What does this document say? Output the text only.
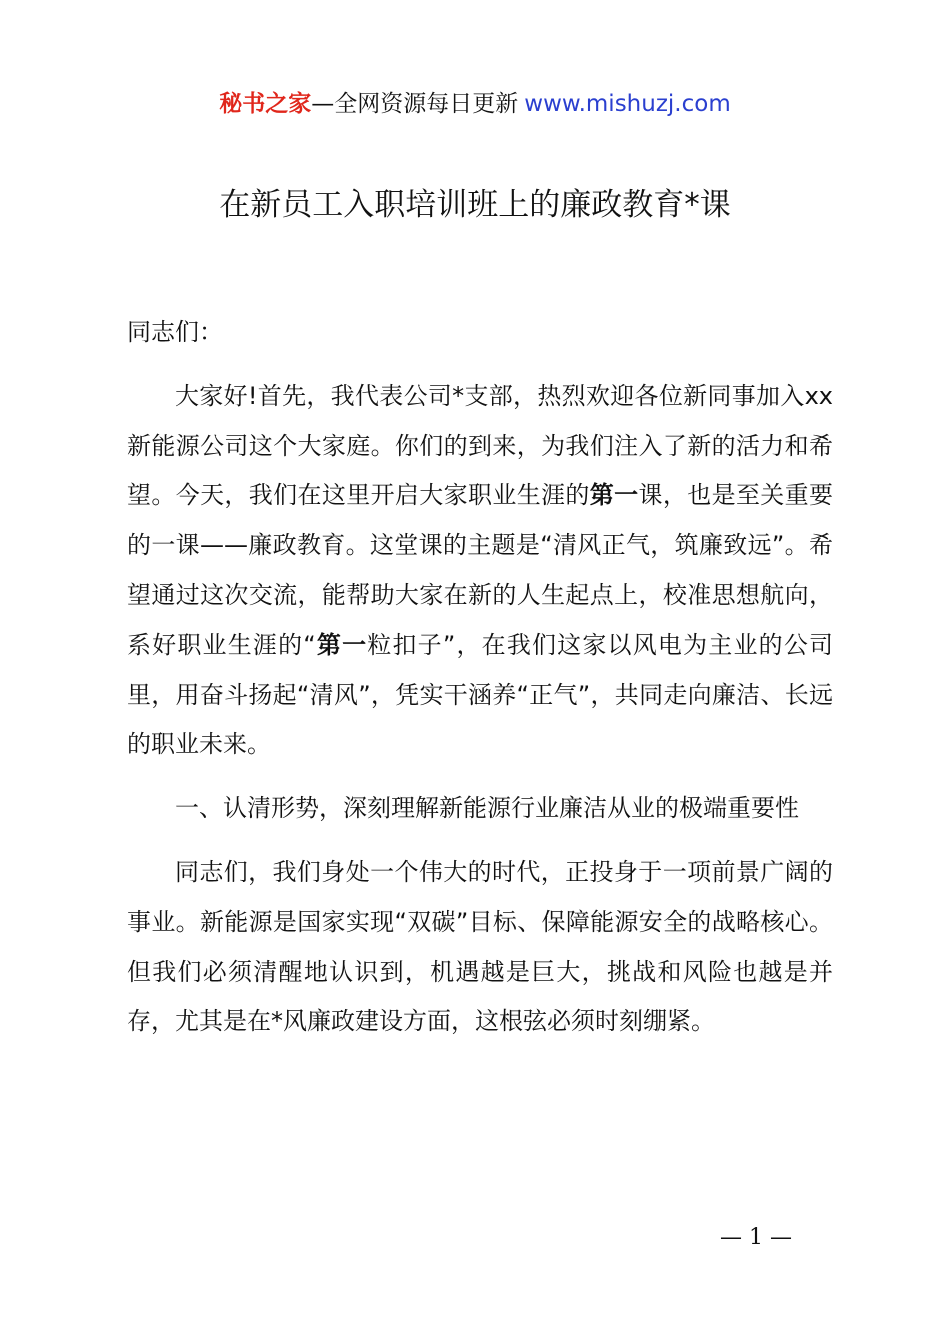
秘书之家—全网资源每日更新 www.mishuzj.com
在新员工入职培训班上的廉政教育*课

同志们：

大家好!首先，我代表公司*支部，热烈欢迎各位新同事加入xx新能源公司这个大家庭。你们的到来，为我们注入了新的活力和希望。今天，我们在这里开启大家职业生涯的第一课，也是至关重要的一课——廉政教育。这堂课的主题是“清风正气，筑廉致远”。希望通过这次交流，能帮助大家在新的人生起点上，校准思想航向，系好职业生涯的“第一粒扣子”，在我们这家以风电为主业的公司里，用奋斗扬起“清风”，凭实干涵养“正气”，共同走向廉洁、长远的职业未来。

一、认清形势，深刻理解新能源行业廉洁从业的极端重要性

同志们，我们身处一个伟大的时代，正投身于一项前景广阔的事业。新能源是国家实现“双碳”目标、保障能源安全的战略核心。但我们必须清醒地认识到，机遇越是巨大，挑战和风险也越是并存，尤其是在*风廉政建设方面，这根弦必须时刻绷紧。

— 1 —
